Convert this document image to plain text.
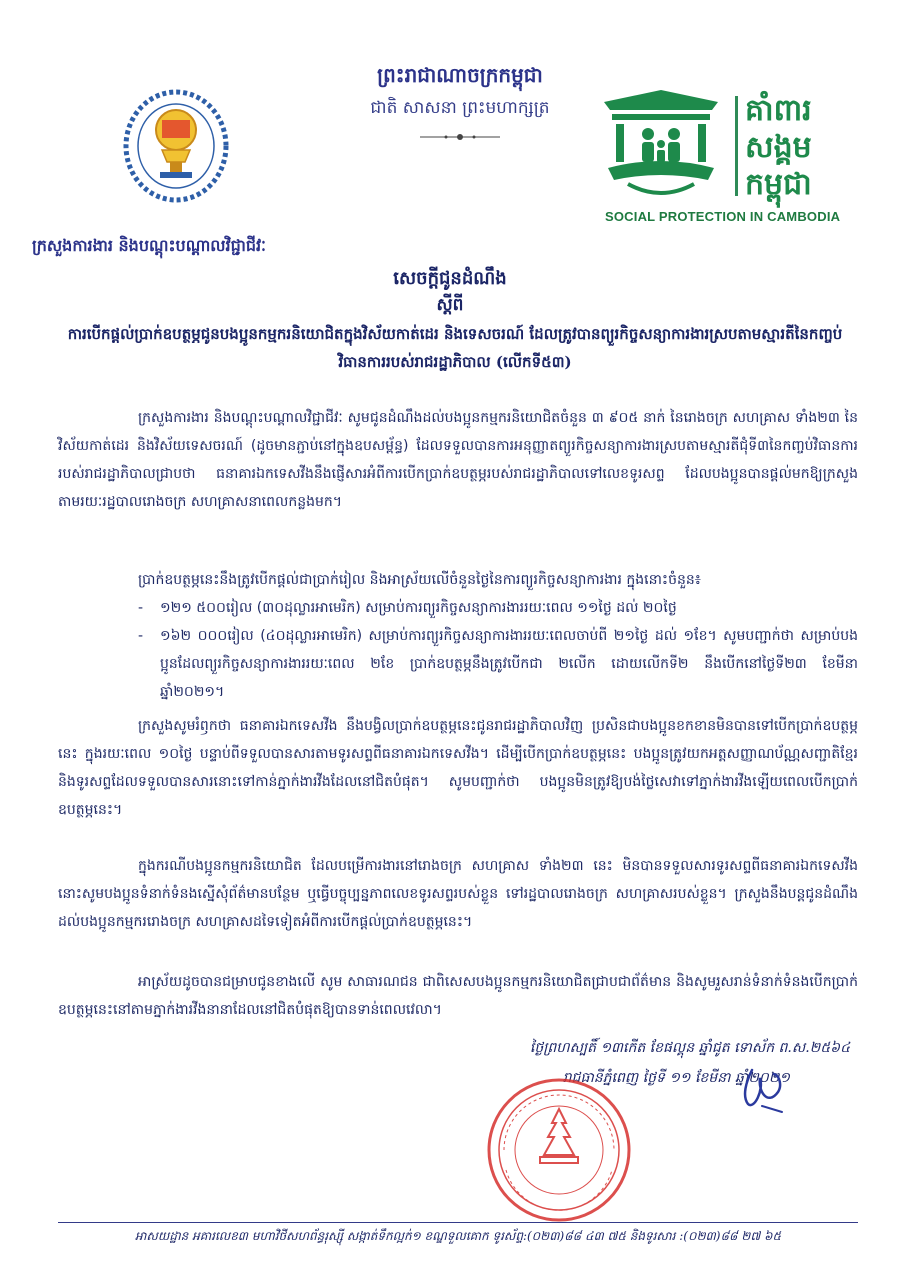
ព្រះរាជាណាចក្រកម្ពុជា
ជាតិ សាសនា ព្រះមហាក្សត្រ	គាំពារ
សង្គម
កម្ពុជា
SOCIAL PROTECTION IN CAMBODIA
ក្រសួងការងារ និងបណ្តុះបណ្តាលវិជ្ជាជីវៈ
សេចក្តីជូនដំណឹង
ស្តីពី
ការបើកផ្តល់ប្រាក់ឧបត្ថម្ភជូនបងប្អូនកម្មករនិយោជិតក្នុងវិស័យកាត់ដេរ និងទេសចរណ៍ ដែលត្រូវបានព្យួរកិច្ចសន្យាការងារស្របតាមស្មារតីនៃកញ្ចប់វិធានការរបស់រាជរដ្ឋាភិបាល (លើកទី៥៣)
ក្រសួងការងារ និងបណ្តុះបណ្តាលវិជ្ជាជីវៈ សូមជូនដំណឹងដល់បងប្អូនកម្មករនិយោជិតចំនួន ៣ ៩០៥ នាក់ នៃរោងចក្រ សហគ្រាស ទាំង២៣ នៃវិស័យកាត់ដេរ និងវិស័យទេសចរណ៍ (ដូចមានភ្ជាប់នៅក្នុងឧបសម្ព័ន្ធ) ដែលទទួលបានការអនុញ្ញាតព្យួរកិច្ចសន្យាការងារស្របតាមស្មារតីជុំទី៣នៃកញ្ចប់វិធានការរបស់រាជរដ្ឋាភិបាលជ្រាបថា ធនាគារឯកទេសវីងនឹងផ្ញើសារអំពីការបើកប្រាក់ឧបត្ថម្ភរបស់រាជរដ្ឋាភិបាលទៅលេខទូរសព្ទ ដែលបងប្អូនបានផ្តល់មកឱ្យក្រសួងតាមរយៈរដ្ឋបាលរោងចក្រ សហគ្រាសនាពេលកន្លងមក។
ប្រាក់ឧបត្ថម្ភនេះនឹងត្រូវបើកផ្តល់ជាប្រាក់រៀល និងអាស្រ័យលើចំនួនថ្ងៃនៃការព្យួរកិច្ចសន្យាការងារ ក្នុងនោះចំនួន៖
-	១២១ ៥០០រៀល (៣០ដុល្លារអាមេរិក) សម្រាប់ការព្យួរកិច្ចសន្យាការងាររយៈពេល ១១ថ្ងៃ ដល់ ២០ថ្ងៃ
-	១៦២ ០០០រៀល (៤០ដុល្លារអាមេរិក) សម្រាប់ការព្យួរកិច្ចសន្យាការងាររយៈពេលចាប់ពី ២១ថ្ងៃ ដល់ ១ខែ។ សូមបញ្ជាក់ថា សម្រាប់បងប្អូនដែលព្យួរកិច្ចសន្យាការងាររយៈពេល ២ខែ ប្រាក់ឧបត្ថម្ភនឹងត្រូវបើកជា ២លើក ដោយលើកទី២ នឹងបើកនៅថ្ងៃទី២៣ ខែមីនា ឆ្នាំ២០២១។
ក្រសួងសូមរំឭកថា ធនាគារឯកទេសវីង នឹងបង្វិលប្រាក់ឧបត្ថម្ភនេះជូនរាជរដ្ឋាភិបាលវិញ ប្រសិនជាបងប្អូនខកខានមិនបានទៅបើកប្រាក់ឧបត្ថម្ភនេះ ក្នុងរយៈពេល ១០ថ្ងៃ បន្ទាប់ពីទទួលបានសារតាមទូរសព្ទពីធនាគារឯកទេសវីង។ ដើម្បីបើកប្រាក់ឧបត្ថម្ភនេះ បងប្អូនត្រូវយកអត្តសញ្ញាណប័ណ្ណសញ្ជាតិខ្មែរ និងទូរសព្ទដែលទទួលបានសារនោះទៅកាន់ភ្នាក់ងារវីងដែលនៅជិតបំផុត។ សូមបញ្ជាក់ថា បងប្អូនមិនត្រូវឱ្យបង់ថ្លៃសេវាទៅភ្នាក់ងារវីងឡើយពេលបើកប្រាក់ឧបត្ថម្ភនេះ។
ក្នុងករណីបងប្អូនកម្មករនិយោជិត ដែលបម្រើការងារនៅរោងចក្រ សហគ្រាស ទាំង២៣ នេះ មិនបានទទួលសារទូរសព្ទពីធនាគារឯកទេសវីង នោះសូមបងប្អូនទំនាក់ទំនងស្នើសុំព័ត៌មានបន្ថែម ឬធ្វើបច្ចុប្បន្នភាពលេខទូរសព្ទរបស់ខ្លួន ទៅរដ្ឋបាលរោងចក្រ សហគ្រាសរបស់ខ្លួន។ ក្រសួងនឹងបន្តជូនដំណឹងដល់បងប្អូនកម្មកររោងចក្រ សហគ្រាសដទៃទៀតអំពីការបើកផ្តល់ប្រាក់ឧបត្ថម្ភនេះ។
អាស្រ័យដូចបានជម្រាបជូនខាងលើ សូម សាធារណជន ជាពិសេសបងប្អូនកម្មករនិយោជិតជ្រាបជាព័ត៌មាន និងសូមរួសរាន់ទំនាក់ទំនងបើកប្រាក់ឧបត្ថម្ភនេះនៅតាមភ្នាក់ងារវីងនានាដែលនៅជិតបំផុតឱ្យបានទាន់ពេលវេលា។
ថ្ងៃព្រហស្បតិ៍ ១៣កើត ខែផល្គុន ឆ្នាំជូត ទោស័ក ព.ស.២៥៦៤
រាជធានីភ្នំពេញ ថ្ងៃទី ១១ ខែមីនា ឆ្នាំ២០២១
អាសយដ្ឋាន អគារលេខ៣ មហាវិថីសហព័ន្ធរុស្ស៊ី សង្កាត់ទឹកល្អក់១ ខណ្ឌទួលគោក ទូរស័ព្ទ:(០២៣)៨៨ ៤៣ ៧៥ និងទូរសារ :(០២៣)៨៨ ២៧ ៦៥
